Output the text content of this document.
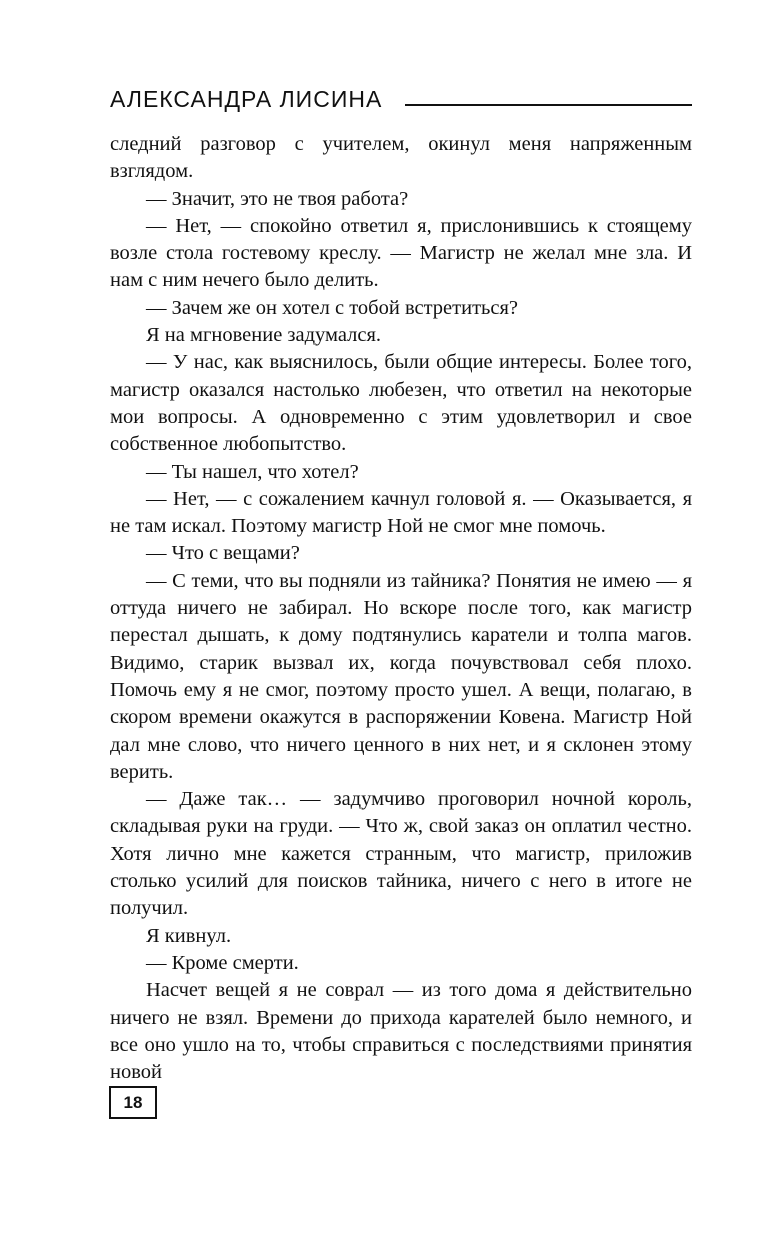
АЛЕКСАНДРА ЛИСИНА

следний разговор с учителем, окинул меня напряженным взглядом.

— Значит, это не твоя работа?

— Нет, — спокойно ответил я, прислонившись к стоящему возле стола гостевому креслу. — Магистр не желал мне зла. И нам с ним нечего было делить.

— Зачем же он хотел с тобой встретиться?

Я на мгновение задумался.

— У нас, как выяснилось, были общие интересы. Более того, магистр оказался настолько любезен, что ответил на некоторые мои вопросы. А одновременно с этим удовлетворил и свое собственное любопытство.

— Ты нашел, что хотел?

— Нет, — с сожалением качнул головой я. — Оказывается, я не там искал. Поэтому магистр Ной не смог мне помочь.

— Что с вещами?

— С теми, что вы подняли из тайника? Понятия не имею — я оттуда ничего не забирал. Но вскоре после того, как магистр перестал дышать, к дому подтянулись каратели и толпа магов. Видимо, старик вызвал их, когда почувствовал себя плохо. Помочь ему я не смог, поэтому просто ушел. А вещи, полагаю, в скором времени окажутся в распоряжении Ковена. Магистр Ной дал мне слово, что ничего ценного в них нет, и я склонен этому верить.

— Даже так… — задумчиво проговорил ночной король, складывая руки на груди. — Что ж, свой заказ он оплатил честно. Хотя лично мне кажется странным, что магистр, приложив столько усилий для поисков тайника, ничего с него в итоге не получил.

Я кивнул.

— Кроме смерти.

Насчет вещей я не соврал — из того дома я действительно ничего не взял. Времени до прихода карателей было немного, и все оно ушло на то, чтобы справиться с последствиями принятия новой

18
